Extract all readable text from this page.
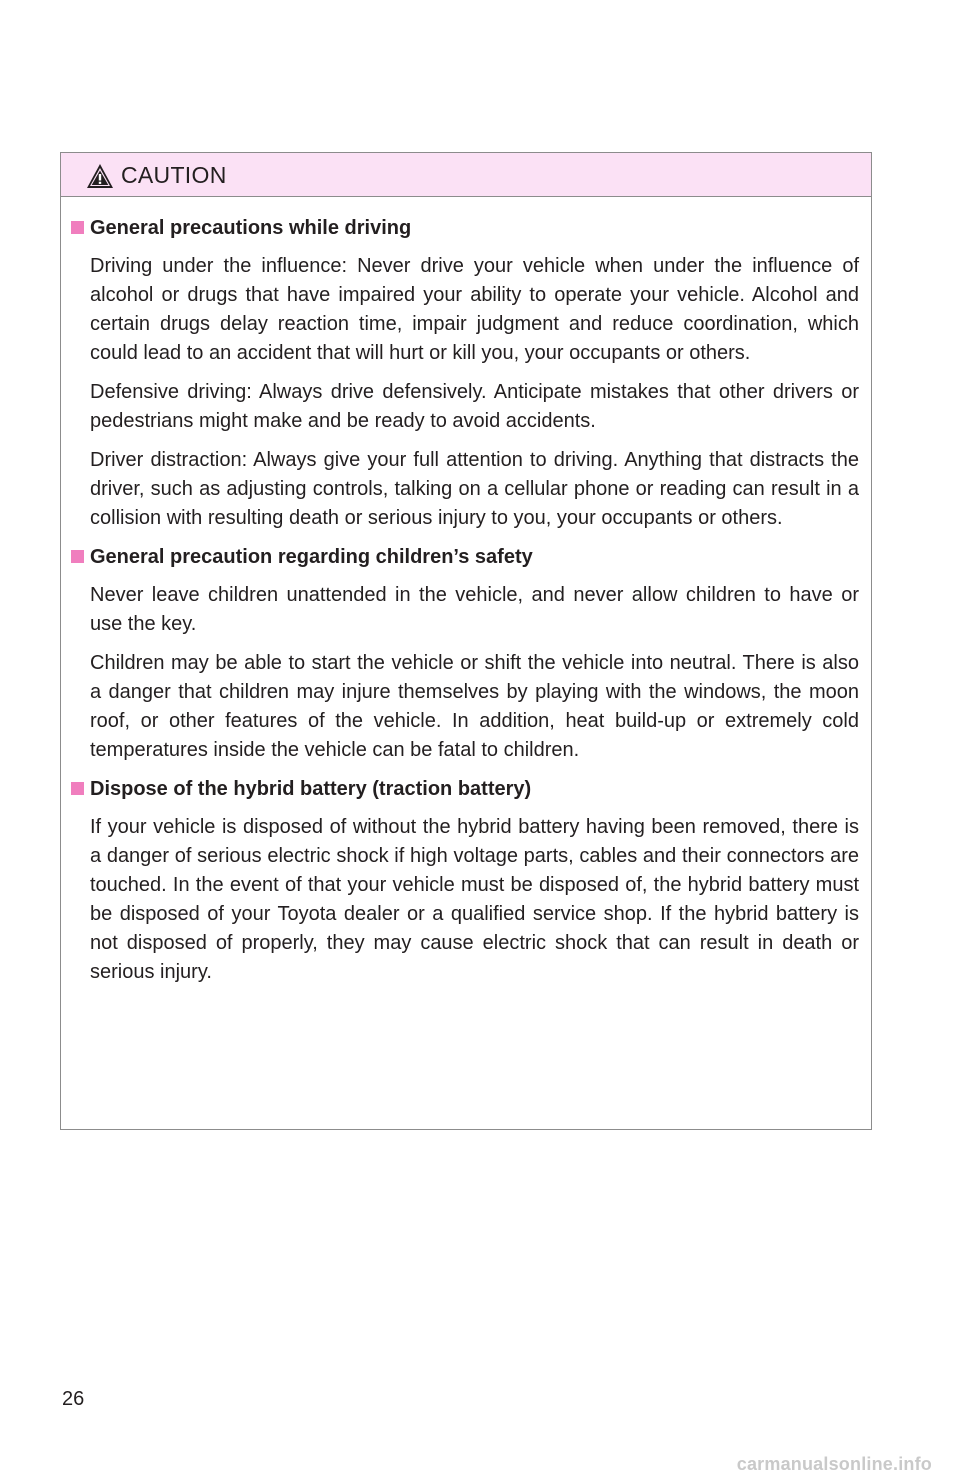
CAUTION
General precautions while driving

Driving under the influence: Never drive your vehicle when under the influence of alcohol or drugs that have impaired your ability to operate your vehicle. Alcohol and certain drugs delay reaction time, impair judgment and reduce coordination, which could lead to an accident that will hurt or kill you, your occupants or others.

Defensive driving: Always drive defensively. Anticipate mistakes that other drivers or pedestrians might make and be ready to avoid accidents.

Driver distraction: Always give your full attention to driving. Anything that distracts the driver, such as adjusting controls, talking on a cellular phone or reading can result in a collision with resulting death or serious injury to you, your occupants or others.

General precaution regarding children’s safety

Never leave children unattended in the vehicle, and never allow children to have or use the key.

Children may be able to start the vehicle or shift the vehicle into neutral. There is also a danger that children may injure themselves by playing with the windows, the moon roof, or other features of the vehicle. In addition, heat build-up or extremely cold temperatures inside the vehicle can be fatal to children.

Dispose of the hybrid battery (traction battery)

If your vehicle is disposed of without the hybrid battery having been removed, there is a danger of serious electric shock if high voltage parts, cables and their connectors are touched. In the event of that your vehicle must be disposed of, the hybrid battery must be disposed of your Toyota dealer or a qualified service shop. If the hybrid battery is not disposed of properly, they may cause electric shock that can result in death or serious injury.

26
carmanualsonline.info
